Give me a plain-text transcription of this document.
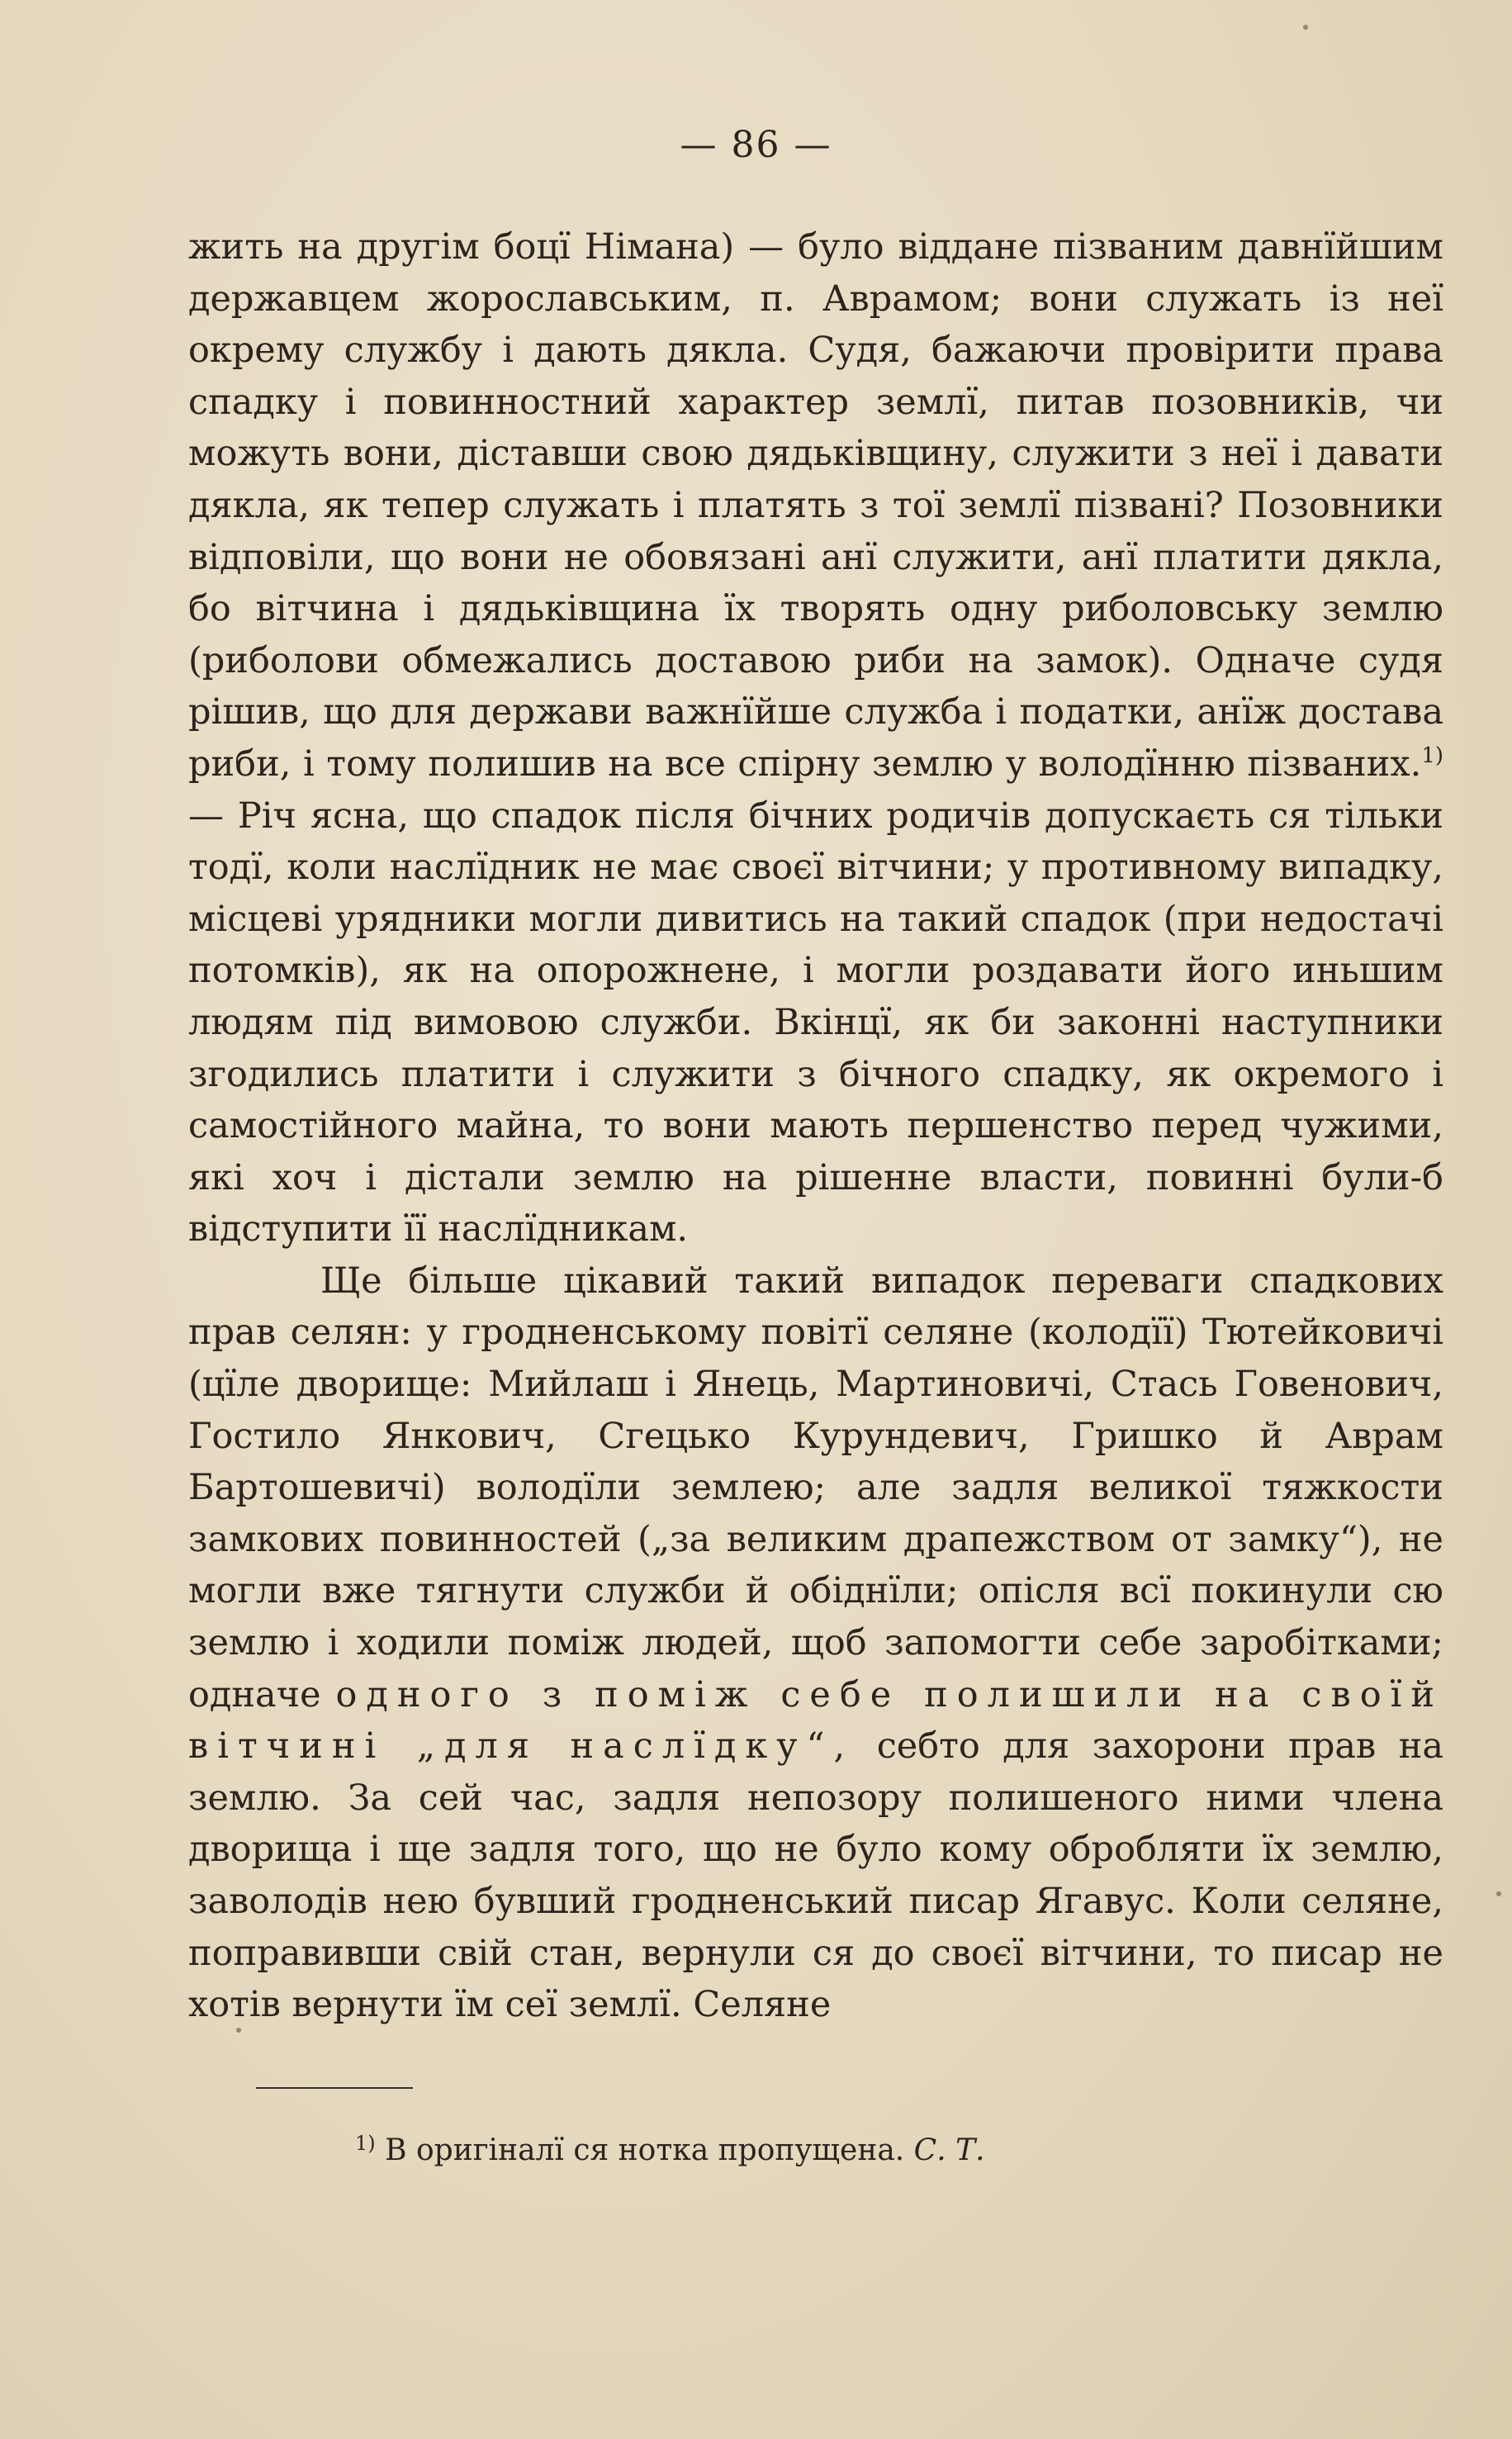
— 86 —

жить на другім боцї Німана) — було віддане пізваним давнїйшим державцем жорославським, п. Аврамом; вони служать із неї окрему службу і дають дякла. Судя, бажаючи провірити права спадку і повинностний характер землї, питав позовників, чи можуть вони, діставши свою дядьківщину, служити з неї і давати дякла, як тепер служать і платять з тої землї пізвані? Позовники відповіли, що вони не обовязані анї служити, анї платити дякла, бо вітчина і дядьківщина їх творять одну риболовську землю (риболови обмежались доставою риби на замок). Одначе судя рішив, що для держави важнїйше служба і податки, анїж достава риби, і тому полишив на все спірну землю у володїнню пізваних.$^{1)}$ — Річ ясна, що спадок після бічних родичів допускаєть ся тільки тодї, коли наслїдник не має своєї вітчини; у противному випадку, місцеві урядники могли дивитись на такий спадок (при недостачі потомків), як на опорожнене, і могли роздавати його иньшим людям під вимовою служби. Вкінцї, як би законні наступники згодились платити і служити з бічного спадку, як окремого і самостійного майна, то вони мають першенство перед чужими, які хоч і дістали землю на рішенне власти, повинні були-б відступити її наслїдникам.

Ще більше цікавий такий випадок переваги спадкових прав селян: у гродненському повітї селяне (колодїї) Тютейковичі (цїле дворище: Мийлаш і Янець, Мартиновичі, Стась Говенович, Гостило Янкович, Сгецько Курундевич, Гришко й Аврам Бартошевичі) володїли землею; але задля великої тяжкости замкових повинностей („за великим драпежством от замку“), не могли вже тягнути служби й обіднїли; опісля всї покинули сю землю і ходили поміж людей, щоб запомогти себе заробітками; одначе одного з поміж себе полишили на своїй вітчині „для наслїдку“, себто для захорони прав на землю. За сей час, задля непозору полишеного ними члена дворища і ще задля того, що не було кому обробляти їх землю, заволодів нею бувший гродненський писар Ягавус. Коли селяне, поправивши свій стан, вернули ся до своєї вітчини, то писар не хотів вернути їм сеї землї. Селяне

$^{1)}$ В оригіналї ся нотка пропущена. С. Т.
